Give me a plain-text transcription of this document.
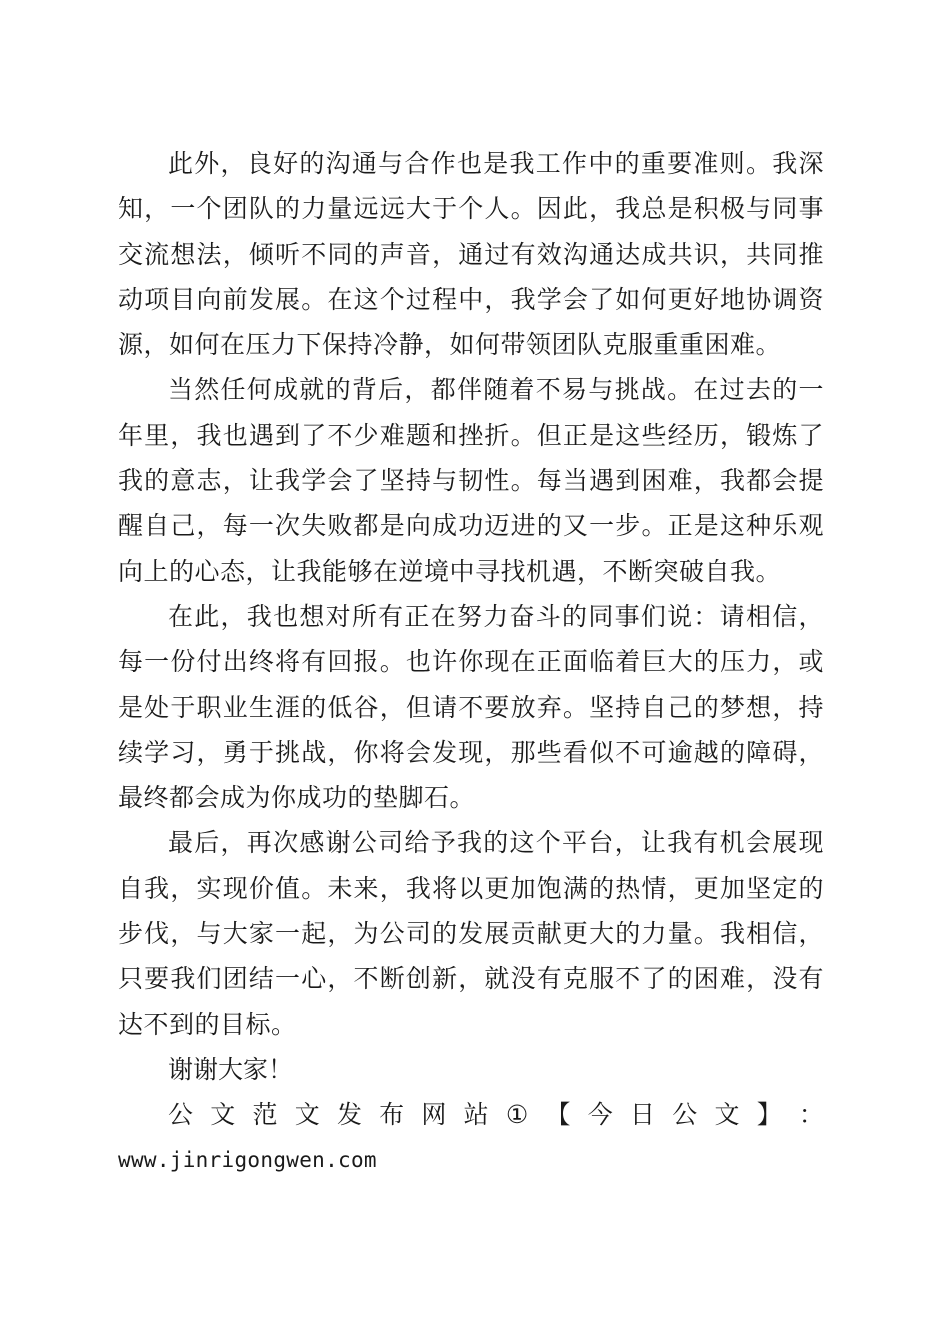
此外，良好的沟通与合作也是我工作中的重要准则。我深知，一个团队的力量远远大于个人。因此，我总是积极与同事交流想法，倾听不同的声音，通过有效沟通达成共识，共同推动项目向前发展。在这个过程中，我学会了如何更好地协调资源，如何在压力下保持冷静，如何带领团队克服重重困难。

当然任何成就的背后，都伴随着不易与挑战。在过去的一年里，我也遇到了不少难题和挫折。但正是这些经历，锻炼了我的意志，让我学会了坚持与韧性。每当遇到困难，我都会提醒自己，每一次失败都是向成功迈进的又一步。正是这种乐观向上的心态，让我能够在逆境中寻找机遇，不断突破自我。

在此，我也想对所有正在努力奋斗的同事们说：请相信，每一份付出终将有回报。也许你现在正面临着巨大的压力，或是处于职业生涯的低谷，但请不要放弃。坚持自己的梦想，持续学习，勇于挑战，你将会发现，那些看似不可逾越的障碍，最终都会成为你成功的垫脚石。

最后，再次感谢公司给予我的这个平台，让我有机会展现自我，实现价值。未来，我将以更加饱满的热情，更加坚定的步伐，与大家一起，为公司的发展贡献更大的力量。我相信，只要我们团结一心，不断创新，就没有克服不了的困难，没有达不到的目标。

谢谢大家！

公 文 范 文 发 布 网 站 ① 【 今 日 公 文 】 ：

www.jinrigongwen.com
